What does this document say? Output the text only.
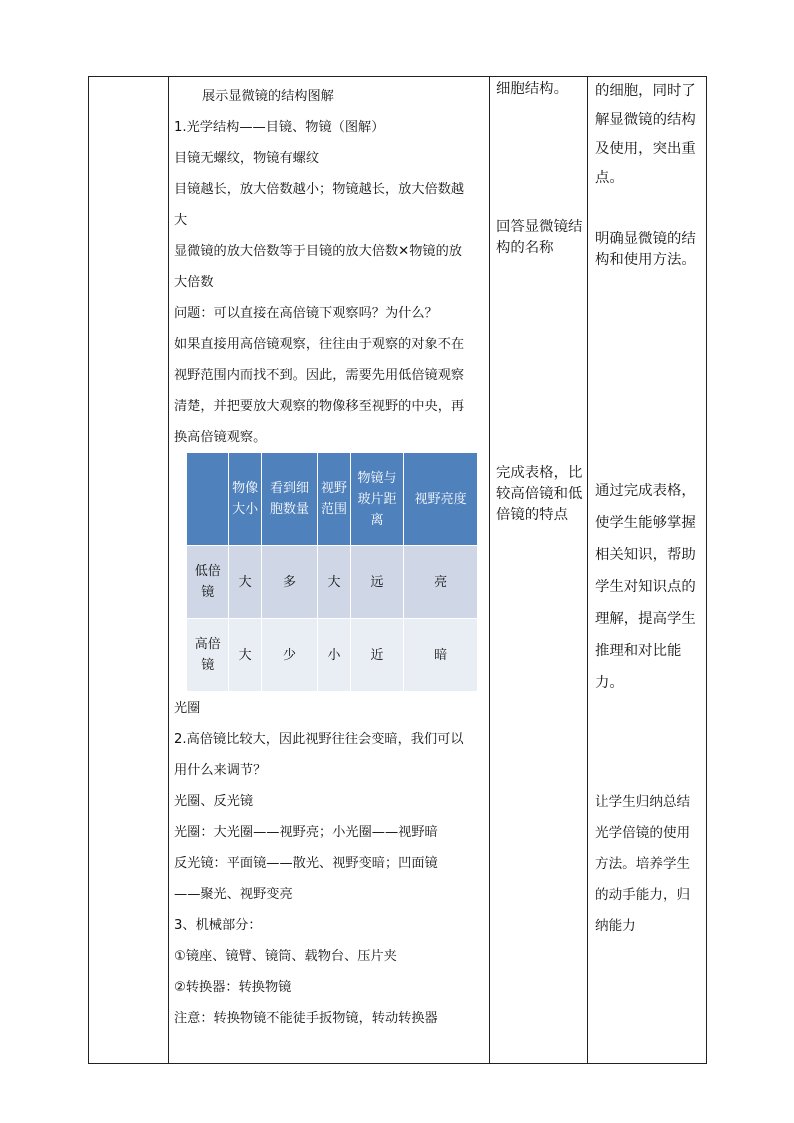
展示显微镜的结构图解

1.光学结构——目镜、物镜（图解）

目镜无螺纹，物镜有螺纹

目镜越长，放大倍数越小；物镜越长，放大倍数越

大

显微镜的放大倍数等于目镜的放大倍数✕物镜的放

大倍数

问题：可以直接在高倍镜下观察吗？为什么？

如果直接用高倍镜观察，往往由于观察的对象不在

视野范围内而找不到。因此，需要先用低倍镜观察

清楚，并把要放大观察的物像移至视野的中央，再

换高倍镜观察。

	物像大小	看到细胞数量	视野范围	物镜与玻片距离	视野亮度
低倍镜	大	多	大	远	亮
高倍镜	大	少	小	近	暗

光圈

2.高倍镜比较大，因此视野往往会变暗，我们可以

用什么来调节？

光圈、反光镜

光圈：大光圈——视野亮；小光圈——视野暗

反光镜：平面镜——散光、视野变暗；凹面镜

——聚光、视野变亮

3、机械部分：

①镜座、镜臂、镜筒、载物台、压片夹

②转换器：转换物镜

注意：转换物镜不能徒手扳物镜，转动转换器

细胞结构。

回答显微镜结构的名称

完成表格，比较高倍镜和低倍镜的特点

的细胞，同时了解显微镜的结构及使用，突出重点。

明确显微镜的结构和使用方法。

通过完成表格，使学生能够掌握相关知识，帮助学生对知识点的理解，提高学生推理和对比能力。

让学生归纳总结光学倍镜的使用方法。培养学生的动手能力，归纳能力
